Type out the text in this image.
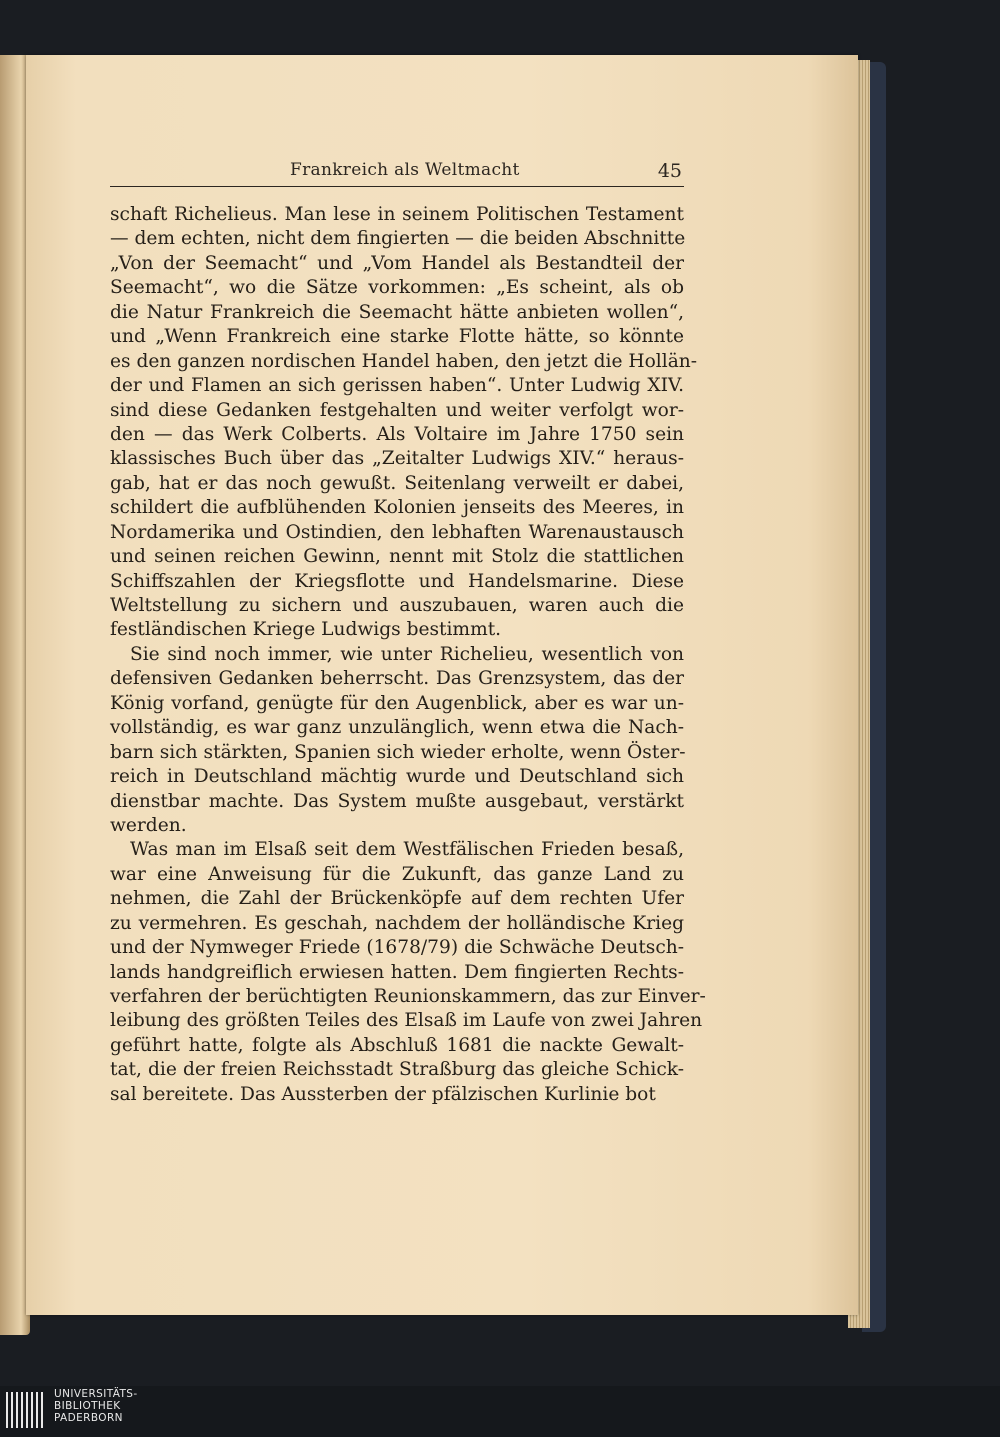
Frankreich als Weltmacht	45
schaft Richelieus. Man lese in seinem Politischen Testament
— dem echten, nicht dem fingierten — die beiden Abschnitte
„Von der Seemacht“ und „Vom Handel als Bestandteil der
Seemacht“, wo die Sätze vorkommen: „Es scheint, als ob
die Natur Frankreich die Seemacht hätte anbieten wollen“,
und „Wenn Frankreich eine starke Flotte hätte, so könnte
es den ganzen nordischen Handel haben, den jetzt die Hollän-
der und Flamen an sich gerissen haben“. Unter Ludwig XIV.
sind diese Gedanken festgehalten und weiter verfolgt wor-
den — das Werk Colberts. Als Voltaire im Jahre 1750 sein
klassisches Buch über das „Zeitalter Ludwigs XIV.“ heraus-
gab, hat er das noch gewußt. Seitenlang verweilt er dabei,
schildert die aufblühenden Kolonien jenseits des Meeres, in
Nordamerika und Ostindien, den lebhaften Warenaustausch
und seinen reichen Gewinn, nennt mit Stolz die stattlichen
Schiffszahlen der Kriegsflotte und Handelsmarine. Diese
Weltstellung zu sichern und auszubauen, waren auch die
festländischen Kriege Ludwigs bestimmt.
Sie sind noch immer, wie unter Richelieu, wesentlich von
defensiven Gedanken beherrscht. Das Grenzsystem, das der
König vorfand, genügte für den Augenblick, aber es war un-
vollständig, es war ganz unzulänglich, wenn etwa die Nach-
barn sich stärkten, Spanien sich wieder erholte, wenn Öster-
reich in Deutschland mächtig wurde und Deutschland sich
dienstbar machte. Das System mußte ausgebaut, verstärkt
werden.
Was man im Elsaß seit dem Westfälischen Frieden besaß,
war eine Anweisung für die Zukunft, das ganze Land zu
nehmen, die Zahl der Brückenköpfe auf dem rechten Ufer
zu vermehren. Es geschah, nachdem der holländische Krieg
und der Nymweger Friede (1678/79) die Schwäche Deutsch-
lands handgreiflich erwiesen hatten. Dem fingierten Rechts-
verfahren der berüchtigten Reunionskammern, das zur Einver-
leibung des größten Teiles des Elsaß im Laufe von zwei Jahren
geführt hatte, folgte als Abschluß 1681 die nackte Gewalt-
tat, die der freien Reichsstadt Straßburg das gleiche Schick-
sal bereitete. Das Aussterben der pfälzischen Kurlinie bot
UNIVERSITÄTS-
BIBLIOTHEK
PADERBORN
